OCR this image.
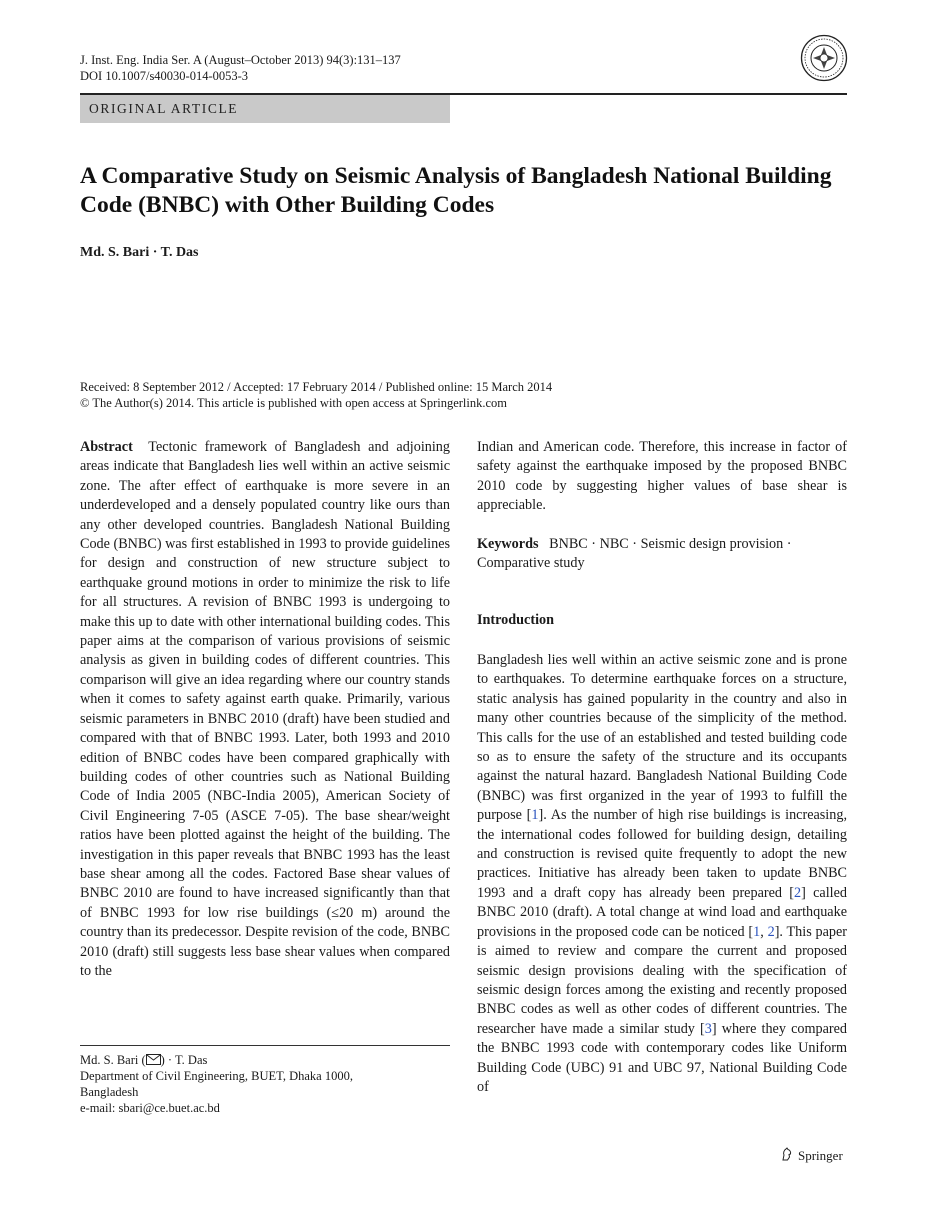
J. Inst. Eng. India Ser. A (August–October 2013) 94(3):131–137
DOI 10.1007/s40030-014-0053-3
ORIGINAL ARTICLE
A Comparative Study on Seismic Analysis of Bangladesh National Building Code (BNBC) with Other Building Codes
Md. S. Bari · T. Das
Received: 8 September 2012 / Accepted: 17 February 2014 / Published online: 15 March 2014
© The Author(s) 2014. This article is published with open access at Springerlink.com

Abstract Tectonic framework of Bangladesh and adjoining areas indicate that Bangladesh lies well within an active seismic zone. The after effect of earthquake is more severe in an underdeveloped and a densely populated country like ours than any other developed countries. Bangladesh National Building Code (BNBC) was first established in 1993 to provide guidelines for design and construction of new structure subject to earthquake ground motions in order to minimize the risk to life for all structures. A revision of BNBC 1993 is undergoing to make this up to date with other international building codes. This paper aims at the comparison of various provisions of seismic analysis as given in building codes of different countries. This comparison will give an idea regarding where our country stands when it comes to safety against earth quake. Primarily, various seismic parameters in BNBC 2010 (draft) have been studied and compared with that of BNBC 1993. Later, both 1993 and 2010 edition of BNBC codes have been compared graphically with building codes of other countries such as National Building Code of India 2005 (NBC-India 2005), American Society of Civil Engineering 7-05 (ASCE 7-05). The base shear/weight ratios have been plotted against the height of the building. The investigation in this paper reveals that BNBC 1993 has the least base shear among all the codes. Factored Base shear values of BNBC 2010 are found to have increased significantly than that of BNBC 1993 for low rise buildings (≤20 m) around the country than its predecessor. Despite revision of the code, BNBC 2010 (draft) still suggests less base shear values when compared to the

Indian and American code. Therefore, this increase in factor of safety against the earthquake imposed by the proposed BNBC 2010 code by suggesting higher values of base shear is appreciable.

Keywords BNBC · NBC · Seismic design provision · Comparative study

Introduction

Bangladesh lies well within an active seismic zone and is prone to earthquakes. To determine earthquake forces on a structure, static analysis has gained popularity in the country and also in many other countries because of the simplicity of the method. This calls for the use of an established and tested building code so as to ensure the safety of the structure and its occupants against the natural hazard. Bangladesh National Building Code (BNBC) was first organized in the year of 1993 to fulfill the purpose [1]. As the number of high rise buildings is increasing, the international codes followed for building design, detailing and construction is revised quite frequently to adopt the new practices. Initiative has already been taken to update BNBC 1993 and a draft copy has already been prepared [2] called BNBC 2010 (draft). A total change at wind load and earthquake provisions in the proposed code can be noticed [1, 2]. This paper is aimed to review and compare the current and proposed seismic design provisions dealing with the specification of seismic design forces among the existing and recently proposed BNBC codes as well as other codes of different countries. The researcher have made a similar study [3] where they compared the BNBC 1993 code with contemporary codes like Uniform Building Code (UBC) 91 and UBC 97, National Building Code of

Md. S. Bari ( ) · T. Das
Department of Civil Engineering, BUET, Dhaka 1000,
Bangladesh
e-mail: sbari@ce.buet.ac.bd
Springer
